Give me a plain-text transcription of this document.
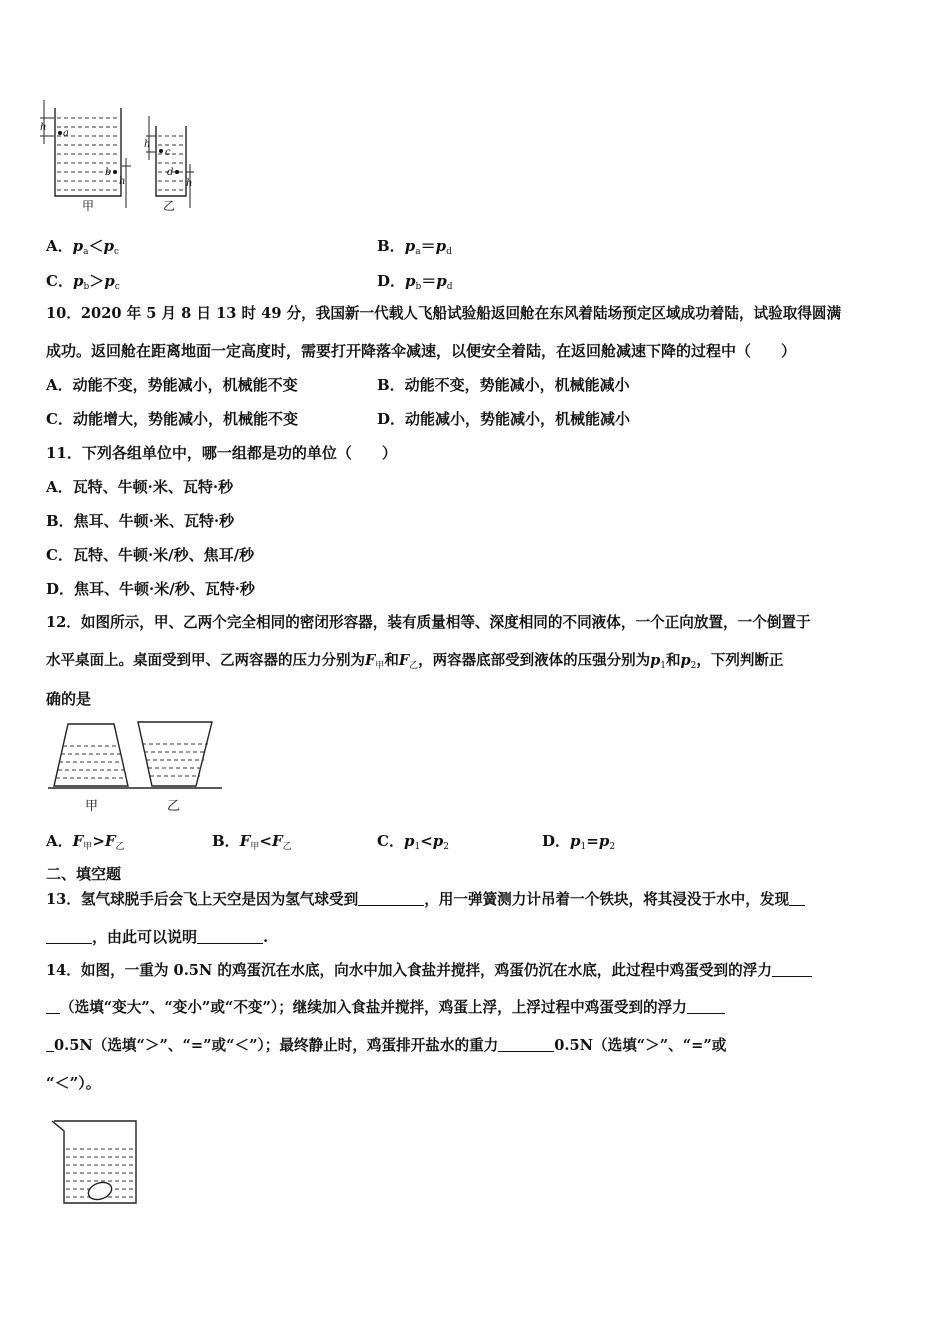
h
a
b
h
h
c
d
h
甲	乙
A．$p_a<p_c$	B．$p_a=p_d$
C．$p_b>p_c$	D．$p_b=p_d$
10．2020 年 5 月 8 日 13 时 49 分，我国新一代载人飞船试验船返回舱在东风着陆场预定区域成功着陆，试验取得圆满
成功。返回舱在距离地面一定高度时，需要打开降落伞减速，以便安全着陆，在返回舱减速下降的过程中（　　）
A．动能不变，势能减小，机械能不变	B．动能不变，势能减小，机械能减小
C．动能增大，势能减小，机械能不变	D．动能减小，势能减小，机械能减小
11．下列各组单位中，哪一组都是功的单位（　　）
A．瓦特、牛顿·米、瓦特·秒
B．焦耳、牛顿·米、瓦特·秒
C．瓦特、牛顿·米/秒、焦耳/秒
D．焦耳、牛顿·米/秒、瓦特·秒
12．如图所示，甲、乙两个完全相同的密闭形容器，装有质量相等、深度相同的不同液体，一个正向放置，一个倒置于
水平桌面上。桌面受到甲、乙两容器的压力分别为$F_甲$和$F_乙$，两容器底部受到液体的压强分别为$p_1$和$p_2$，下列判断正
确的是
甲	乙
A．$F_甲>F_乙$	B．$F_甲<F_乙$	C．$p_1<p_2$	D．$p_1=p_2$
二、填空题
13．氢气球脱手后会飞上天空是因为氢气球受到	，用一弹簧测力计吊着一个铁块，将其浸没于水中，发现
，由此可以说明	.
14．如图，一重为 0.5N 的鸡蛋沉在水底，向水中加入食盐并搅拌，鸡蛋仍沉在水底，此过程中鸡蛋受到的浮力
（选填“变大”、“变小”或“不变”）；继续加入食盐并搅拌，鸡蛋上浮，上浮过程中鸡蛋受到的浮力
0.5N（选填“＞”、“=”或“＜”）；最终静止时，鸡蛋排开盐水的重力	0.5N（选填“＞”、“=”或
“＜”）。
